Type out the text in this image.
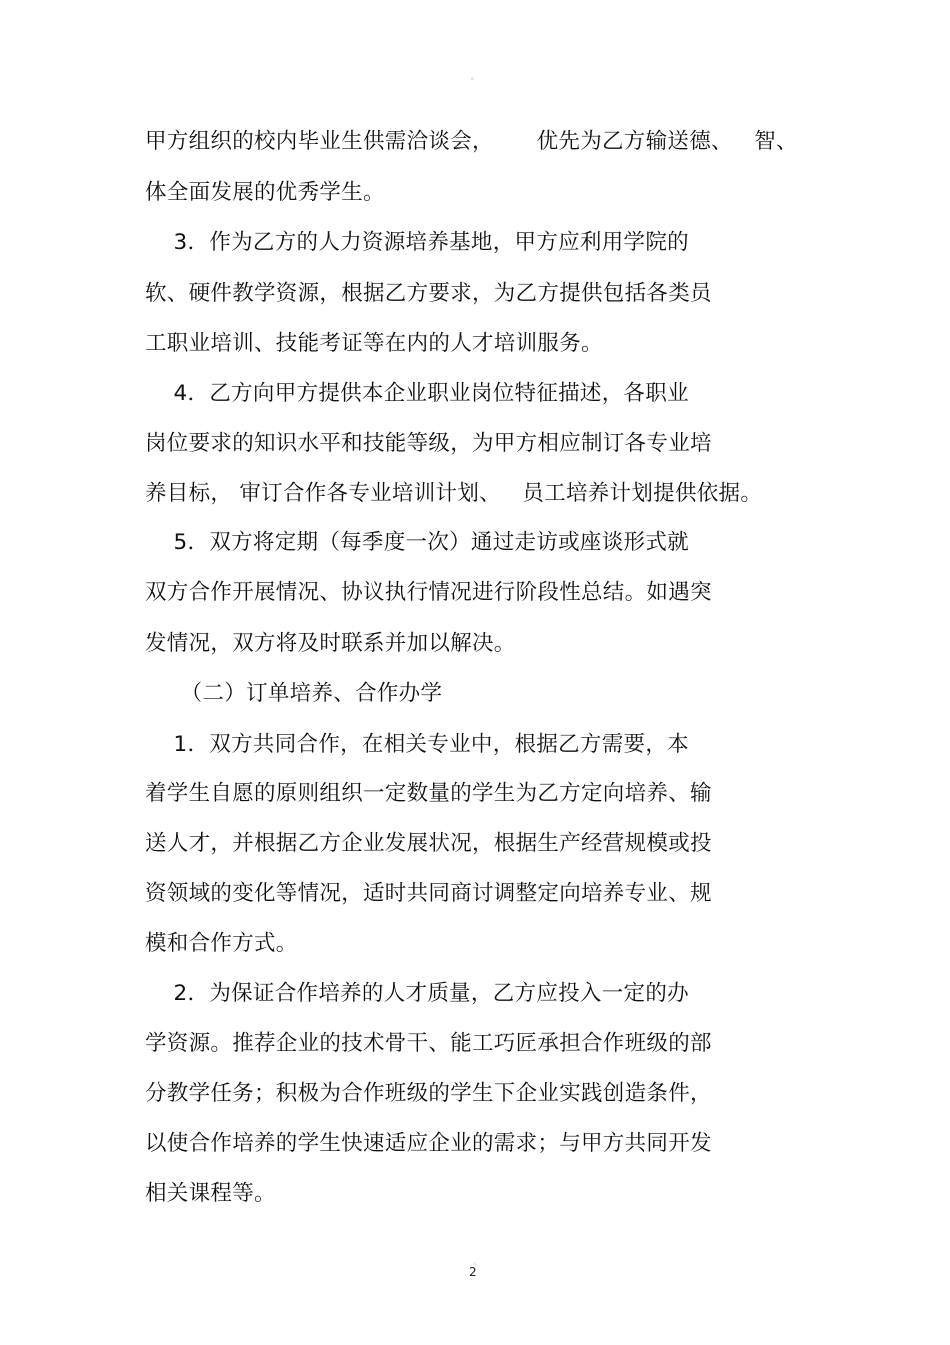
。
甲方组织的校内毕业生供需洽谈会，      优先为乙方输送德、   智、
体全面发展的优秀学生。
3．作为乙方的人力资源培养基地，甲方应利用学院的
软、硬件教学资源，根据乙方要求，为乙方提供包括各类员
工职业培训、技能考证等在内的人才培训服务。
4．乙方向甲方提供本企业职业岗位特征描述，各职业
岗位要求的知识水平和技能等级，为甲方相应制订各专业培
养目标， 审订合作各专业培训计划、   员工培养计划提供依据。
5．双方将定期（每季度一次）通过走访或座谈形式就
双方合作开展情况、协议执行情况进行阶段性总结。如遇突
发情况，双方将及时联系并加以解决。
（二）订单培养、合作办学
1．双方共同合作，在相关专业中，根据乙方需要，本
着学生自愿的原则组织一定数量的学生为乙方定向培养、输
送人才，并根据乙方企业发展状况，根据生产经营规模或投
资领域的变化等情况，适时共同商讨调整定向培养专业、规
模和合作方式。
2．为保证合作培养的人才质量，乙方应投入一定的办
学资源。推荐企业的技术骨干、能工巧匠承担合作班级的部
分教学任务；积极为合作班级的学生下企业实践创造条件，
以使合作培养的学生快速适应企业的需求；与甲方共同开发
相关课程等。
。
2
